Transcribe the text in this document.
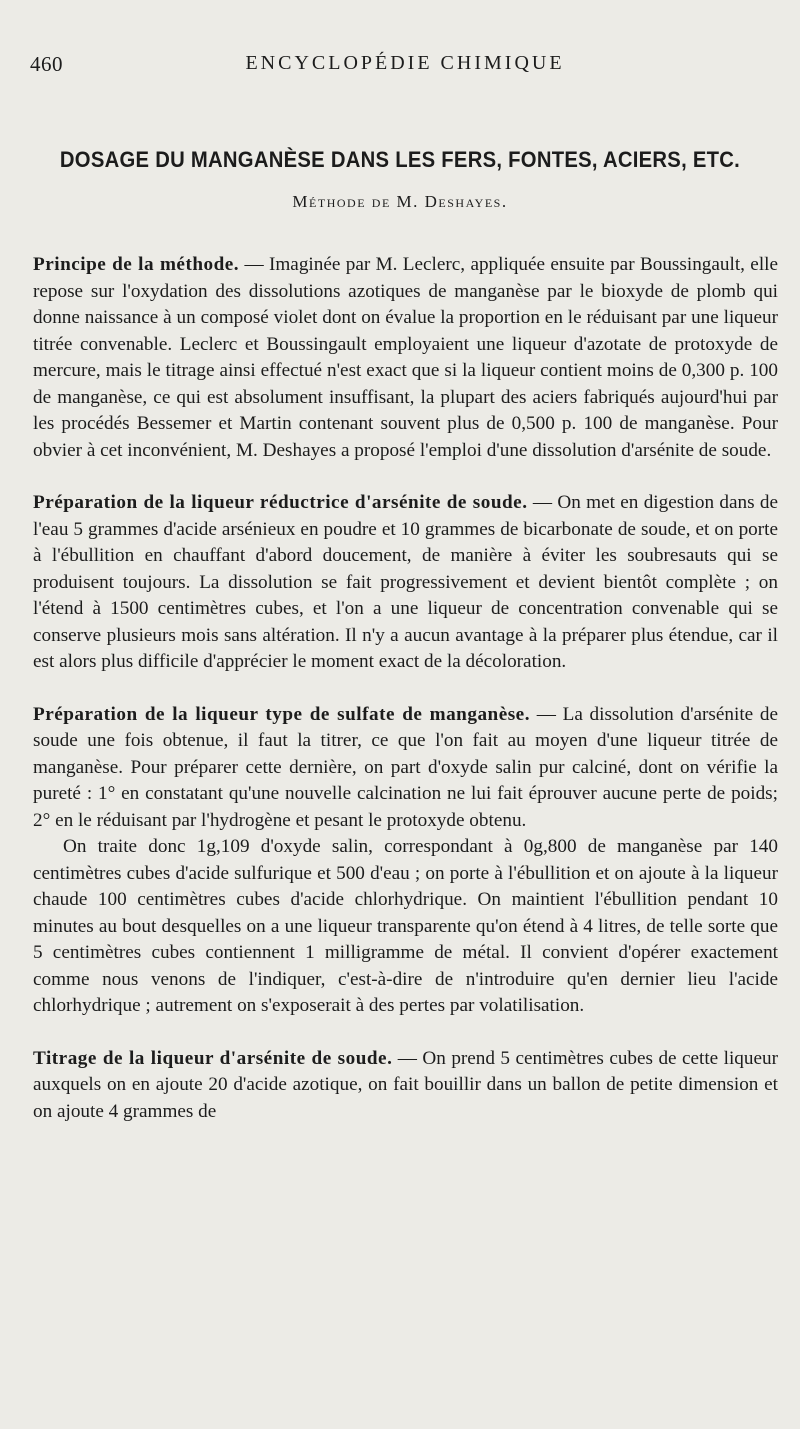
460	ENCYCLOPÉDIE CHIMIQUE
DOSAGE DU MANGANÈSE DANS LES FERS, FONTES, ACIERS, ETC.
Méthode de M. Deshayes.

Principe de la méthode. — Imaginée par M. Leclerc, appliquée ensuite par Boussingault, elle repose sur l'oxydation des dissolutions azotiques de manganèse par le bioxyde de plomb qui donne naissance à un composé violet dont on évalue la proportion en le réduisant par une liqueur titrée convenable. Leclerc et Boussingault employaient une liqueur d'azotate de protoxyde de mercure, mais le titrage ainsi effectué n'est exact que si la liqueur contient moins de 0,300 p. 100 de manganèse, ce qui est absolument insuffisant, la plupart des aciers fabriqués aujourd'hui par les procédés Bessemer et Martin contenant souvent plus de 0,500 p. 100 de manganèse. Pour obvier à cet inconvénient, M. Deshayes a proposé l'emploi d'une dissolution d'arsénite de soude.

Préparation de la liqueur réductrice d'arsénite de soude. — On met en digestion dans de l'eau 5 grammes d'acide arsénieux en poudre et 10 grammes de bicarbonate de soude, et on porte à l'ébullition en chauffant d'abord doucement, de manière à éviter les soubresauts qui se produisent toujours. La dissolution se fait progressivement et devient bientôt complète ; on l'étend à 1500 centimètres cubes, et l'on a une liqueur de concentration convenable qui se conserve plusieurs mois sans altération. Il n'y a aucun avantage à la préparer plus étendue, car il est alors plus difficile d'apprécier le moment exact de la décoloration.

Préparation de la liqueur type de sulfate de manganèse. — La dissolution d'arsénite de soude une fois obtenue, il faut la titrer, ce que l'on fait au moyen d'une liqueur titrée de manganèse. Pour préparer cette dernière, on part d'oxyde salin pur calciné, dont on vérifie la pureté : 1° en constatant qu'une nouvelle calcination ne lui fait éprouver aucune perte de poids; 2° en le réduisant par l'hydrogène et pesant le protoxyde obtenu.

On traite donc 1g,109 d'oxyde salin, correspondant à 0g,800 de manganèse par 140 centimètres cubes d'acide sulfurique et 500 d'eau ; on porte à l'ébullition et on ajoute à la liqueur chaude 100 centimètres cubes d'acide chlorhydrique. On maintient l'ébullition pendant 10 minutes au bout desquelles on a une liqueur transparente qu'on étend à 4 litres, de telle sorte que 5 centimètres cubes contiennent 1 milligramme de métal. Il convient d'opérer exactement comme nous venons de l'indiquer, c'est-à-dire de n'introduire qu'en dernier lieu l'acide chlorhydrique ; autrement on s'exposerait à des pertes par volatilisation.

Titrage de la liqueur d'arsénite de soude. — On prend 5 centimètres cubes de cette liqueur auxquels on en ajoute 20 d'acide azotique, on fait bouillir dans un ballon de petite dimension et on ajoute 4 grammes de
